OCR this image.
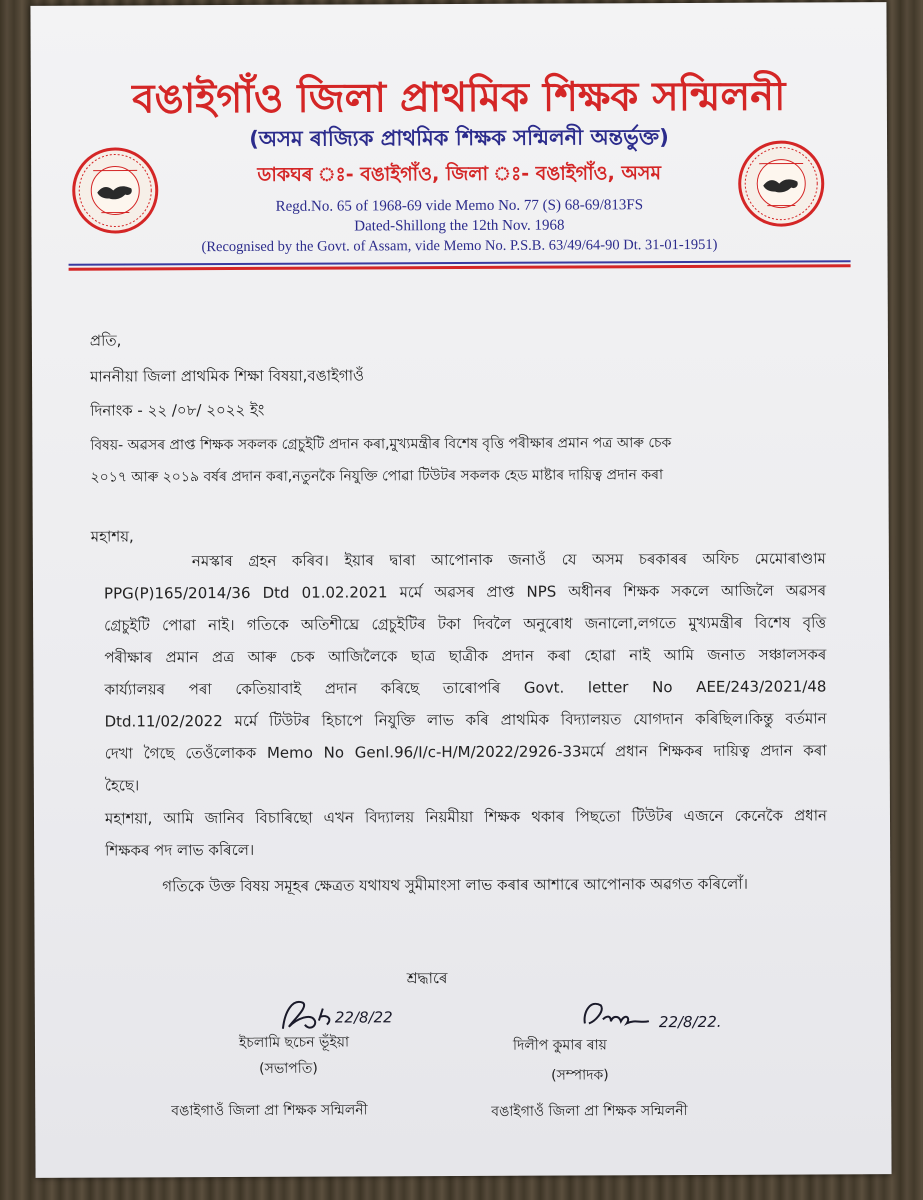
বঙাইগাঁও জিলা প্ৰাথমিক শিক্ষক সন্মিলনী
(অসম ৰাজ্যিক প্ৰাথমিক শিক্ষক সন্মিলনী অন্তৰ্ভুক্ত)
ডাকঘৰ ঃ- বঙাইগাঁও, জিলা ঃ- বঙাইগাঁও, অসম
Regd.No. 65 of 1968-69 vide Memo No. 77 (S) 68-69/813FS
Dated-Shillong the 12th Nov. 1968
(Recognised by the Govt. of Assam, vide Memo No. P.S.B. 63/49/64-90 Dt. 31-01-1951)
প্ৰতি,
মাননীয়া জিলা প্ৰাথমিক শিক্ষা বিষয়া,বঙাইগাওঁ
দিনাংক - ২২ /০৮/ ২০২২ ইং
বিষয়- অৱসৰ প্ৰাপ্ত শিক্ষক সকলক গ্ৰেচুইটি প্ৰদান কৰা,মুখ্যমন্ত্ৰীৰ বিশেষ বৃত্তি পৰীক্ষাৰ প্ৰমান পত্ৰ আৰু চেক
২০১৭ আৰু ২০১৯ বৰ্ষৰ প্ৰদান কৰা,নতুনকৈ নিযুক্তি পোৱা টিউটৰ সকলক হেড মাষ্টাৰ দায়িত্ব প্ৰদান কৰা
মহাশয়,
নমস্কাৰ গ্ৰহন কৰিব। ইয়াৰ দ্বাৰা আপোনাক জনাওঁ যে অসম চৰকাৰৰ অফিচ মেমোৰাণ্ডাম
PPG(P)165/2014/36 Dtd 01.02.2021 মৰ্মে অৱসৰ প্ৰাপ্ত NPS অধীনৰ শিক্ষক সকলে আজিলৈ অৱসৰ
গ্ৰেচুইটি পোৱা নাই। গতিকে অতিশীঘ্ৰে গ্ৰেচুইটিৰ টকা দিবলৈ অনুৰোধ জনালো,লগতে মুখ্যমন্ত্ৰীৰ বিশেষ বৃত্তি
পৰীক্ষাৰ প্ৰমান প্ৰত্ৰ আৰু চেক আজিলৈকে ছাত্ৰ ছাত্ৰীক প্ৰদান কৰা হোৱা নাই আমি জনাত সঞ্চালসকৰ
কাৰ্য্যালয়ৰ পৰা কেতিয়াবাই প্ৰদান কৰিছে তাৰোপৰি Govt. letter No AEE/243/2021/48
Dtd.11/02/2022 মৰ্মে টিউটৰ হিচাপে নিযুক্তি লাভ কৰি প্ৰাথমিক বিদ্যালয়ত যোগদান কৰিছিল।কিন্তু বৰ্তমান
দেখা গৈছে তেওঁলোকক Memo No Genl.96/I/c-H/M/2022/2926-33মৰ্মে প্ৰধান শিক্ষকৰ দায়িত্ব প্ৰদান কৰা
হৈছে।
মহাশয়া, আমি জানিব বিচাৰিছো এখন বিদ্যালয় নিয়মীয়া শিক্ষক থকাৰ পিছতো টিউটৰ এজনে কেনেকৈ প্ৰধান
শিক্ষকৰ পদ লাভ কৰিলে।
গতিকে উক্ত বিষয় সমূহৰ ক্ষেত্ৰত যথাযথ সুমীমাংসা লাভ কৰাৰ আশাৰে আপোনাক অৱগত কৰিলোঁ।
শ্ৰদ্ধাৰে
22/8/22
ইচলামি ছচেন ভূঁইয়া
(সভাপতি)
বঙাইগাওঁ জিলা প্ৰা শিক্ষক সন্মিলনী
22/8/22.
দিলীপ কুমাৰ ৰায়
(সম্পাদক)
বঙাইগাওঁ জিলা প্ৰা শিক্ষক সন্মিলনী
